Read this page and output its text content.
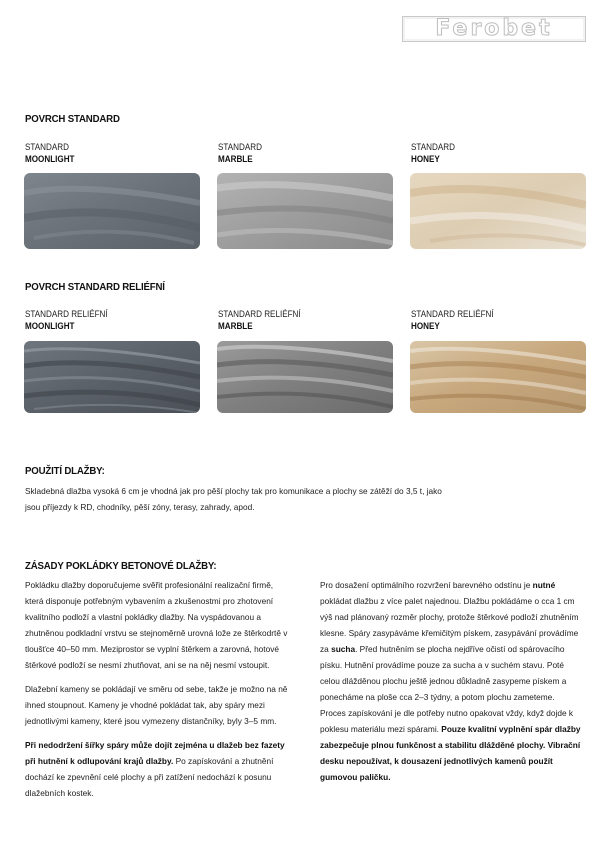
Ferobet
POVRCH STANDARD
STANDARD
MOONLIGHT
STANDARD
MARBLE
STANDARD
HONEY
POVRCH STANDARD RELIÉFNÍ
STANDARD RELIÉFNÍ
MOONLIGHT
STANDARD RELIÉFNÍ
MARBLE
STANDARD RELIÉFNÍ
HONEY
POUŽITÍ DLAŽBY:
Skladebná dlažba vysoká 6 cm je vhodná jak pro pěší plochy tak pro komunikace a plochy se zátěží do 3,5 t, jako jsou příjezdy k RD, chodníky, pěší zóny, terasy, zahrady, apod.
ZÁSADY POKLÁDKY BETONOVÉ DLAŽBY:

Pokládku dlažby doporučujeme svěřit profesionální realizační firmě, která disponuje potřebným vybavením a zkušenostmi pro zhotovení kvalitního podloží a vlastní pokládky dlažby. Na vyspádovanou a zhutněnou podkladní vrstvu se stejnoměrně urovná lože ze štěrkodrtě v tloušťce 40–50 mm. Meziprostor se vyplní štěrkem a zarovná, hotové štěrkové podloží se nesmí zhutňovat, ani se na něj nesmí vstoupit.

Dlažební kameny se pokládají ve směru od sebe, takže je možno na ně ihned stoupnout. Kameny je vhodné pokládat tak, aby spáry mezi jednotlivými kameny, které jsou vymezeny distančníky, byly 3–5 mm.

Při nedodržení šířky spáry může dojít zejména u dlažeb bez fazety při hutnění k odlupování krajů dlažby. Po zapískování a zhutnění dochází ke zpevnění celé plochy a při zatížení nedochází k posunu dlažebních kostek.

Pro dosažení optimálního rozvržení barevného odstínu je nutné pokládat dlažbu z více palet najednou. Dlažbu pokládáme o cca 1 cm výš nad plánovaný rozměr plochy, protože štěrkové podloží zhutněním klesne. Spáry zasypáváme křemičitým pískem, zasypávání provádíme za sucha. Před hutněním se plocha nejdříve očistí od spárovacího písku. Hutnění provádíme pouze za sucha a v suchém stavu. Poté celou dlážděnou plochu ještě jednou důkladně zasypeme pískem a ponecháme na ploše cca 2–3 týdny, a potom plochu zameteme. Proces zapískování je dle potřeby nutno opakovat vždy, když dojde k poklesu materiálu mezi spárami. Pouze kvalitní vyplnění spár dlažby zabezpečuje plnou funkčnost a stabilitu dlážděné plochy. Vibrační desku nepoužívat, k dousazení jednotlivých kamenů použít gumovou paličku.
